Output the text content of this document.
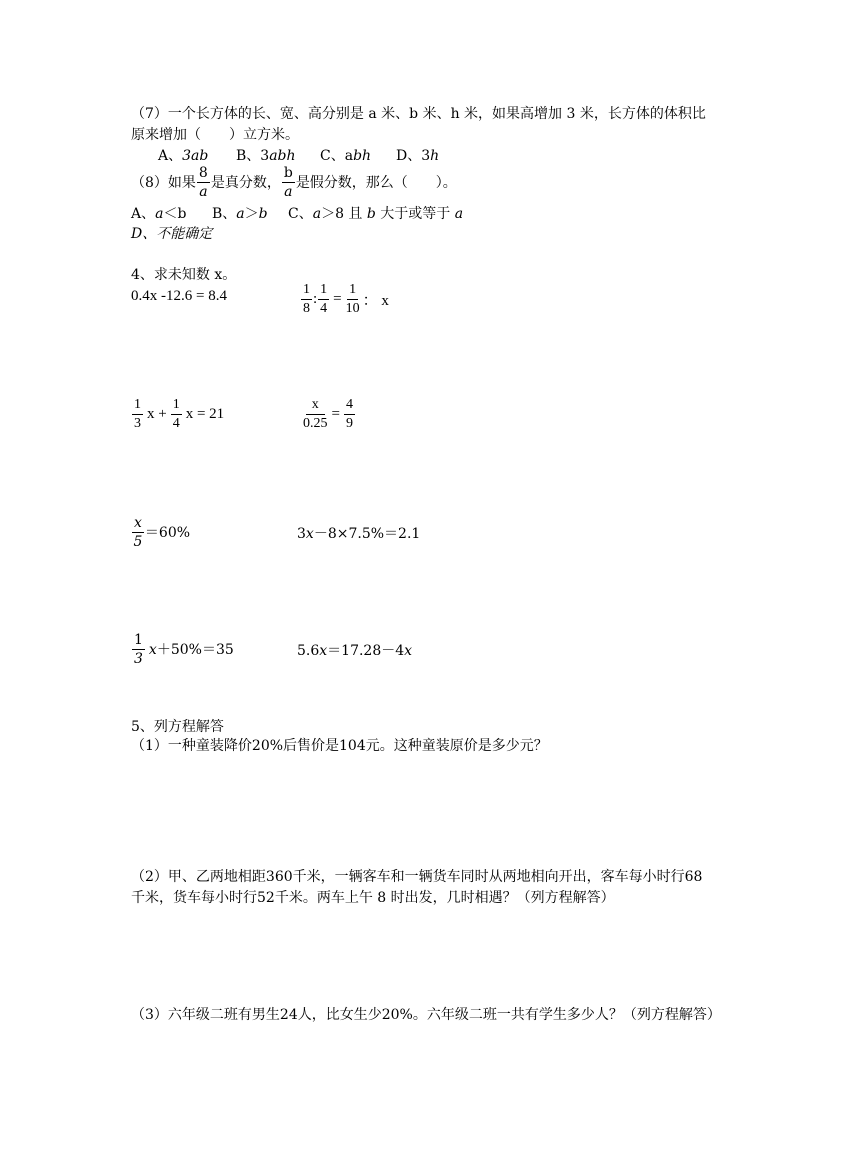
（7）一个长方体的长、宽、高分别是 a 米、b 米、h 米，如果高增加 3 米，长方体的体积比
原来增加（　　）立方米。
A、3ab B、3abh C、abh D、3h
（8）如果 $\frac{8}{a}$ 是真分数， $\frac{b}{a}$ 是假分数，那么（　　）。
A、a＜b B、a＞b C、a＞8 且 b 大于或等于 a
D、不能确定
4、求未知数 x。
0.4x -12.6 = 8.4	$\frac{1}{8}$ : $\frac{1}{4} = \frac{1}{10}$ ： x
$\frac{1}{3}$ $x + \frac{1}{4}$ x = 21	$\frac{x}{0.25} = \frac{4}{9}$
$\frac{x}{5} =60\%$	3x－8×7.5%＝2.1
$\frac{1}{3}$ x ＋50%＝35	5.6x＝17.28－4x
5、列方程解答
（1）一种童装降价20%后售价是104元。这种童装原价是多少元？
（2）甲、乙两地相距360千米，一辆客车和一辆货车同时从两地相向开出，客车每小时行68
千米，货车每小时行52千米。两车上午 8 时出发，几时相遇？（列方程解答）
（3）六年级二班有男生24人，比女生少20%。六年级二班一共有学生多少人？（列方程解答）
